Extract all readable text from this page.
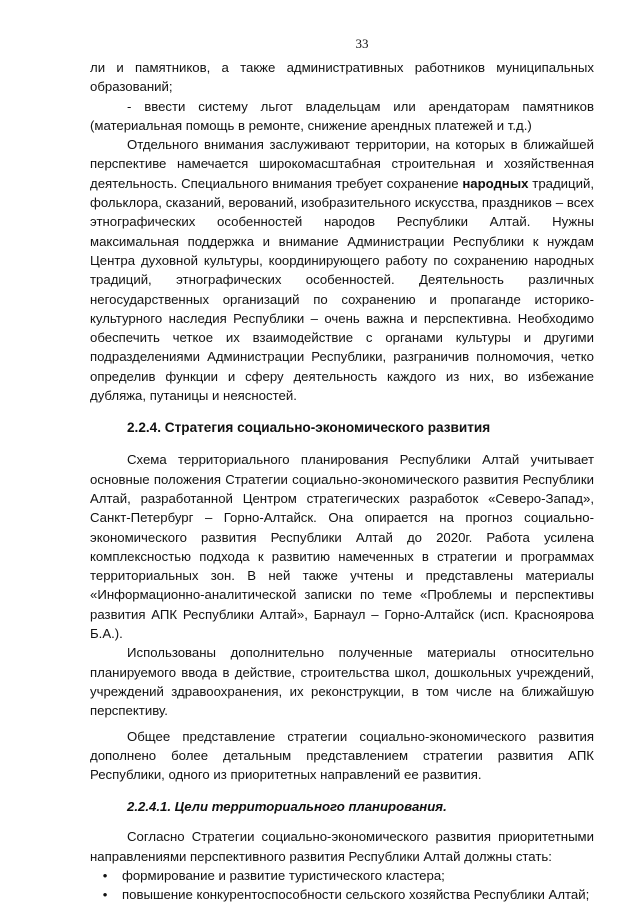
33

ли и памятников, а также административных работников муниципальных образований;

- ввести систему льгот владельцам или арендаторам памятников (материальная помощь в ремонте, снижение арендных платежей и т.д.)

Отдельного внимания заслуживают территории, на которых в ближайшей перспективе намечается широкомасштабная строительная и хозяйственная деятельность. Специального внимания требует сохранение народных традиций, фольклора, сказаний, верований, изобразительного искусства, праздников – всех этнографических особенностей народов Республики Алтай. Нужны максимальная поддержка и внимание Администрации Республики к нуждам Центра духовной культуры, координирующего работу по сохранению народных традиций, этнографических особенностей. Деятельность различных негосударственных организаций по сохранению и пропаганде историко-культурного наследия Республики – очень важна и перспективна. Необходимо обеспечить четкое их взаимодействие с органами культуры и другими подразделениями Администрации Республики, разграничив полномочия, четко определив функции и сферу деятельность каждого из них, во избежание дубляжа, путаницы и неясностей.

2.2.4. Стратегия социально-экономического развития

Схема территориального планирования Республики Алтай учитывает основные положения Стратегии социально-экономического развития Республики Алтай, разработанной Центром стратегических разработок «Северо-Запад», Санкт-Петербург – Горно-Алтайск. Она опирается на прогноз социально-экономического развития Республики Алтай до 2020г. Работа усилена комплексностью подхода к развитию намеченных в стратегии и программах территориальных зон. В ней также учтены и представлены материалы «Информационно-аналитической записки по теме «Проблемы и перспективы развития АПК Республики Алтай», Барнаул – Горно-Алтайск (исп. Красноярова Б.А.).

Использованы дополнительно полученные материалы относительно планируемого ввода в действие, строительства школ, дошкольных учреждений, учреждений здравоохранения, их реконструкции, в том числе на ближайшую перспективу.

Общее представление стратегии социально-экономического развития дополнено более детальным представлением стратегии развития АПК Республики, одного из приоритетных направлений ее развития.

2.2.4.1. Цели территориального планирования.

Согласно Стратегии социально-экономического развития приоритетными направлениями перспективного развития Республики Алтай должны стать:

• формирование и развитие туристического кластера;
• повышение конкурентоспособности сельского хозяйства Республики Алтай;
